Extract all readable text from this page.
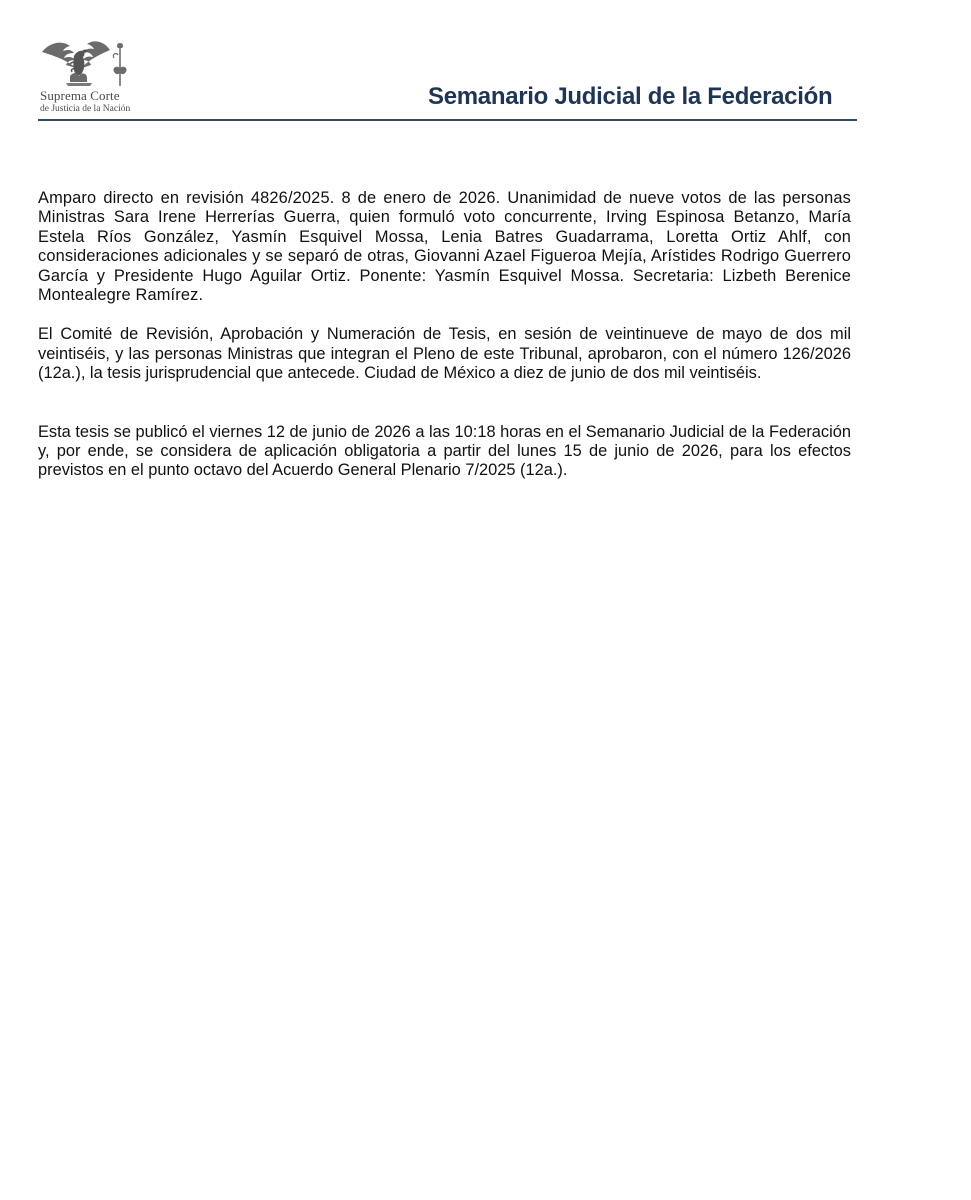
Suprema Corte
de Justicia de la Nación	Semanario Judicial de la Federación

Amparo directo en revisión 4826/2025. 8 de enero de 2026. Unanimidad de nueve votos de las personas Ministras Sara Irene Herrerías Guerra, quien formuló voto concurrente, Irving Espinosa Betanzo, María Estela Ríos González, Yasmín Esquivel Mossa, Lenia Batres Guadarrama, Loretta Ortiz Ahlf, con consideraciones adicionales y se separó de otras, Giovanni Azael Figueroa Mejía, Arístides Rodrigo Guerrero García y Presidente Hugo Aguilar Ortiz. Ponente: Yasmín Esquivel Mossa. Secretaria: Lizbeth Berenice Montealegre Ramírez.

El Comité de Revisión, Aprobación y Numeración de Tesis, en sesión de veintinueve de mayo de dos mil veintiséis, y las personas Ministras que integran el Pleno de este Tribunal, aprobaron, con el número 126/2026 (12a.), la tesis jurisprudencial que antecede. Ciudad de México a diez de junio de dos mil veintiséis.

Esta tesis se publicó el viernes 12 de junio de 2026 a las 10:18 horas en el Semanario Judicial de la Federación y, por ende, se considera de aplicación obligatoria a partir del lunes 15 de junio de 2026, para los efectos previstos en el punto octavo del Acuerdo General Plenario 7/2025 (12a.).
